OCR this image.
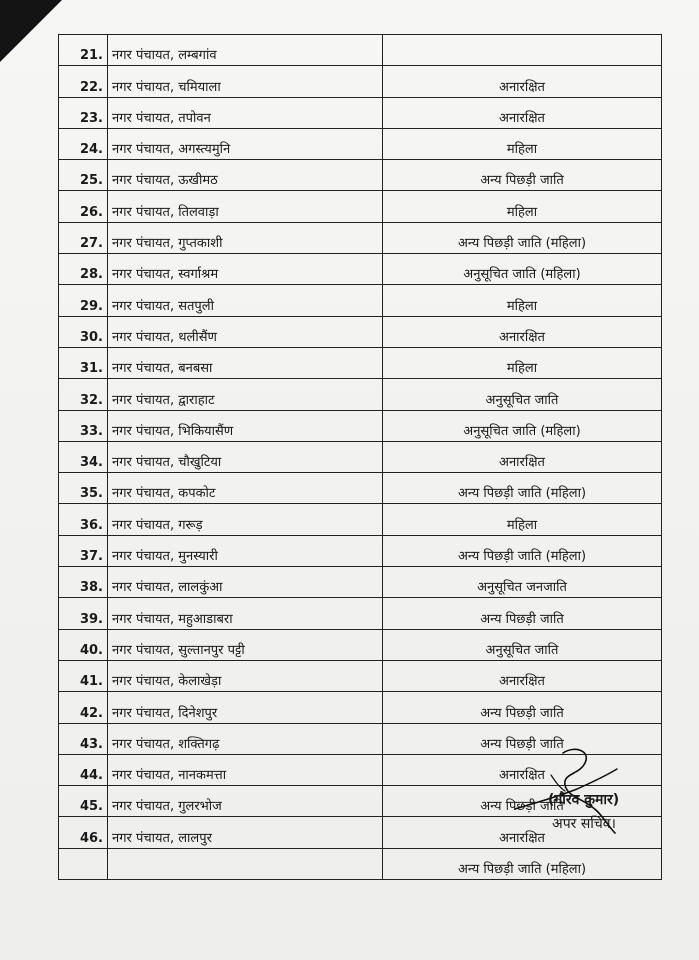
21.	नगर पंचायत, लम्बगांव	
22.	नगर पंचायत, चमियाला	अनारक्षित
23.	नगर पंचायत, तपोवन	अनारक्षित
24.	नगर पंचायत, अगस्त्यमुनि	महिला
25.	नगर पंचायत, ऊखीमठ	अन्य पिछड़ी जाति
26.	नगर पंचायत, तिलवाड़ा	महिला
27.	नगर पंचायत, गुप्तकाशी	अन्य पिछड़ी जाति (महिला)
28.	नगर पंचायत, स्वर्गाश्रम	अनुसूचित जाति (महिला)
29.	नगर पंचायत, सतपुली	महिला
30.	नगर पंचायत, थलीसैंण	अनारक्षित
31.	नगर पंचायत, बनबसा	महिला
32.	नगर पंचायत, द्वाराहाट	अनुसूचित जाति
33.	नगर पंचायत, भिकियासैंण	अनुसूचित जाति (महिला)
34.	नगर पंचायत, चौखुटिया	अनारक्षित
35.	नगर पंचायत, कपकोट	अन्य पिछड़ी जाति (महिला)
36.	नगर पंचायत, गरूड़	महिला
37.	नगर पंचायत, मुनस्यारी	अन्य पिछड़ी जाति (महिला)
38.	नगर पंचायत, लालकुंआ	अनुसूचित जनजाति
39.	नगर पंचायत, महुआडाबरा	अन्य पिछड़ी जाति
40.	नगर पंचायत, सुल्तानपुर पट्टी	अनुसूचित जाति
41.	नगर पंचायत, केलाखेड़ा	अनारक्षित
42.	नगर पंचायत, दिनेशपुर	अन्य पिछड़ी जाति
43.	नगर पंचायत, शक्तिगढ़	अन्य पिछड़ी जाति
44.	नगर पंचायत, नानकमत्ता	अनारक्षित
45.	नगर पंचायत, गुलरभोज	अन्य पिछड़ी जाति
46.	नगर पंचायत, लालपुर	अनारक्षित
		अन्य पिछड़ी जाति (महिला)
(गौरव कुमार)
अपर सचिव।
